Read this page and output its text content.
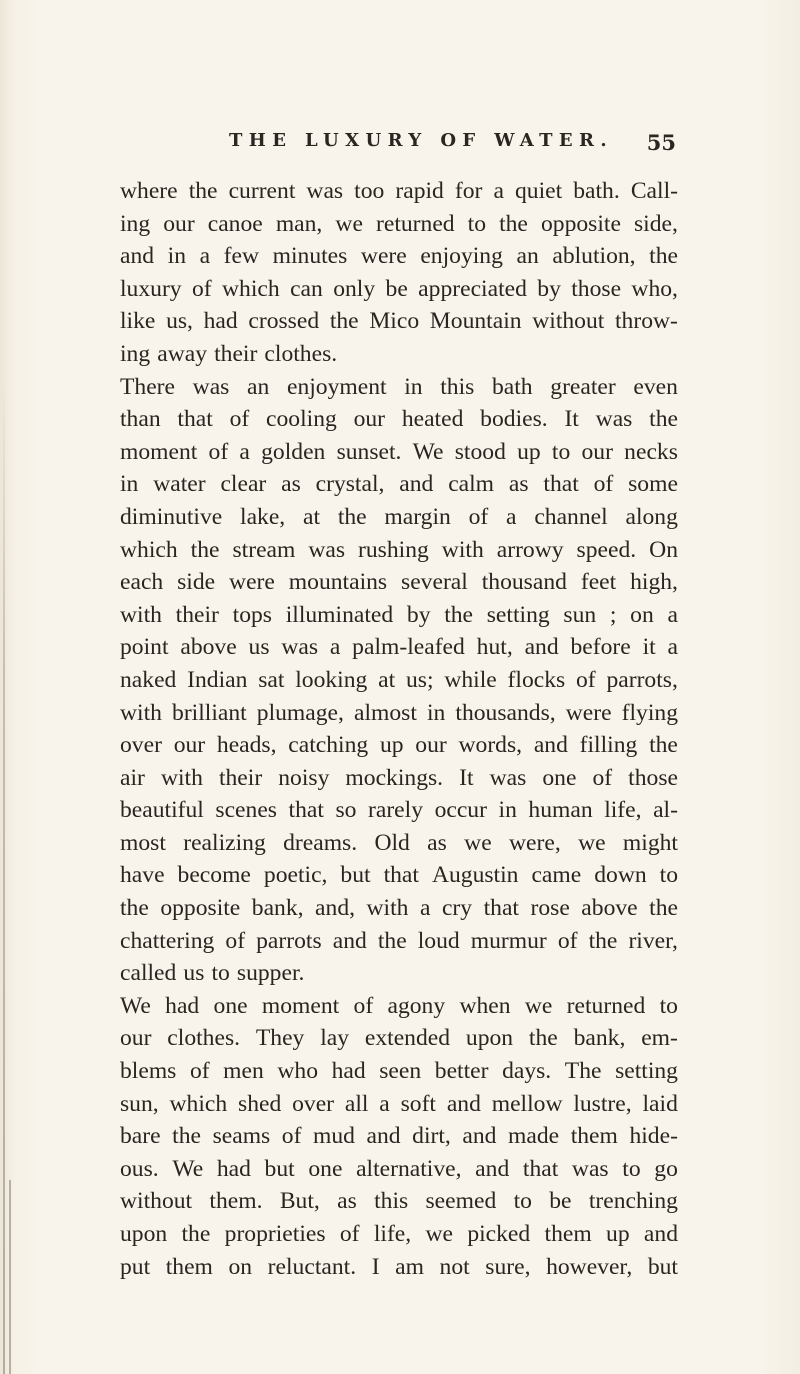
THE LUXURY OF WATER. 55
where the current was too rapid for a quiet bath. Call-
ing our canoe man, we returned to the opposite side,
and in a few minutes were enjoying an ablution, the
luxury of which can only be appreciated by those who,
like us, had crossed the Mico Mountain without throw-
ing away their clothes.
There was an enjoyment in this bath greater even
than that of cooling our heated bodies. It was the
moment of a golden sunset. We stood up to our necks
in water clear as crystal, and calm as that of some
diminutive lake, at the margin of a channel along
which the stream was rushing with arrowy speed. On
each side were mountains several thousand feet high,
with their tops illuminated by the setting sun ; on a
point above us was a palm-leafed hut, and before it a
naked Indian sat looking at us; while flocks of parrots,
with brilliant plumage, almost in thousands, were flying
over our heads, catching up our words, and filling the
air with their noisy mockings. It was one of those
beautiful scenes that so rarely occur in human life, al-
most realizing dreams. Old as we were, we might
have become poetic, but that Augustin came down to
the opposite bank, and, with a cry that rose above the
chattering of parrots and the loud murmur of the river,
called us to supper.
We had one moment of agony when we returned to
our clothes. They lay extended upon the bank, em-
blems of men who had seen better days. The setting
sun, which shed over all a soft and mellow lustre, laid
bare the seams of mud and dirt, and made them hide-
ous. We had but one alternative, and that was to go
without them. But, as this seemed to be trenching
upon the proprieties of life, we picked them up and
put them on reluctant. I am not sure, however, but
